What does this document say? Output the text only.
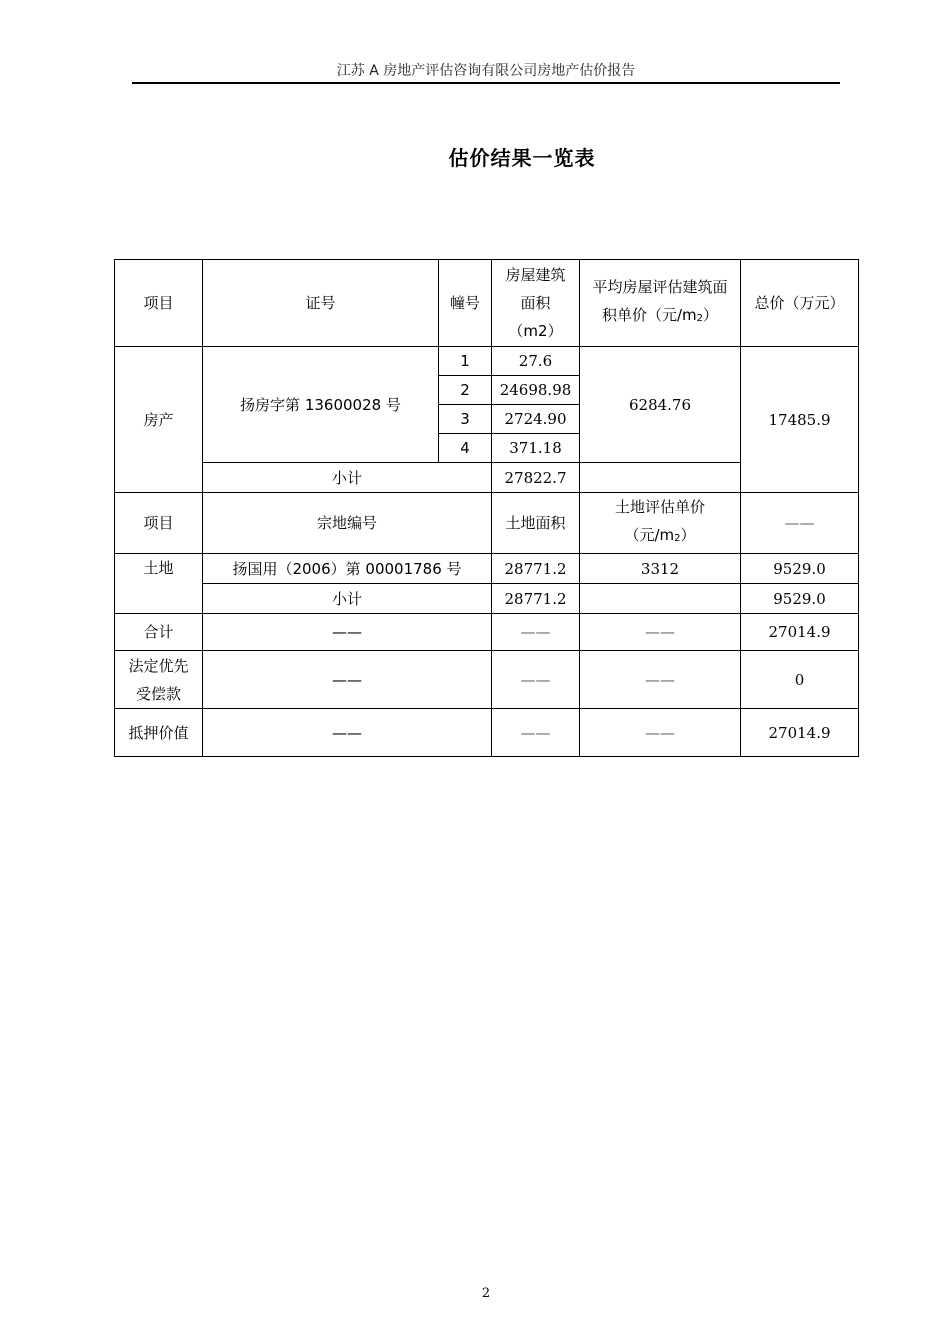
江苏 A 房地产评估咨询有限公司房地产估价报告
估价结果一览表
项目	证号	幢号	房屋建筑面积（m2）	平均房屋评估建筑面积单价（元/m2）	总价（万元）
房产	扬房字第 13600028 号	1	27.6	6284.76	17485.9
		2	24698.98		
		3	2724.90		
		4	371.18		
	小计		27822.7		
项目	宗地编号		土地面积	土地评估单价（元/m2）	——
土地	扬国用（2006）第 00001786 号		28771.2	3312	9529.0
	小计		28771.2		9529.0
合计	——		——	——	27014.9
法定优先受偿款	——		——	——	0
抵押价值	——		——	——	27014.9
2
